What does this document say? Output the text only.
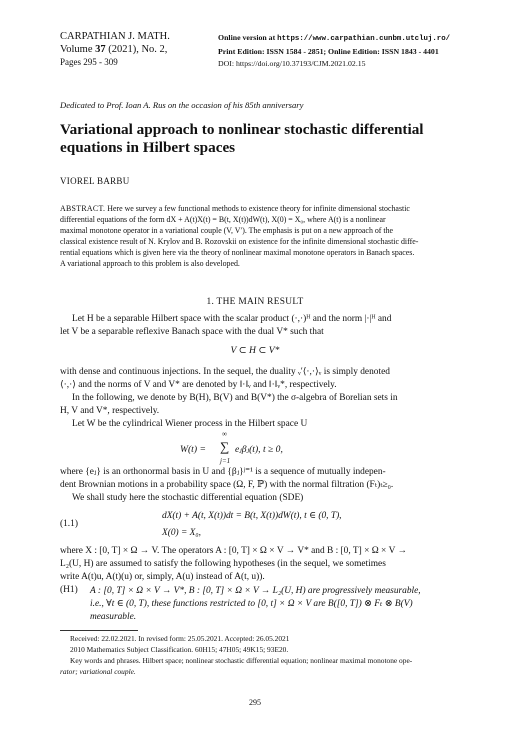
CARPATHIAN J. MATH.
Volume 37 (2021), No. 2,
Pages 295 - 309
Online version at https://www.carpathian.cunbm.utcluj.ro/
Print Edition: ISSN 1584 - 2851; Online Edition: ISSN 1843 - 4401
DOI: https://doi.org/10.37193/CJM.2021.02.15
Dedicated to Prof. Ioan A. Rus on the occasion of his 85th anniversary
Variational approach to nonlinear stochastic differential
equations in Hilbert spaces
VIOREL BARBU
ABSTRACT. Here we survey a few functional methods to existence theory for infinite dimensional stochastic
differential equations of the form dX + A(t)X(t) = B(t, X(t))dW(t), X(0) = X₀, where A(t) is a nonlinear
maximal monotone operator in a variational couple (V, V′). The emphasis is put on a new approach of the
classical existence result of N. Krylov and B. Rozovskii on existence for the infinite dimensional stochastic diffe-
rential equations which is given here via the theory of nonlinear maximal monotone operators in Banach spaces.
A variational approach to this problem is also developed.
1. THE MAIN RESULT
Let H be a separable Hilbert space with the scalar product (·,·)ᴴ and the norm |·|ᴴ and
let V be a separable reflexive Banach space with the dual V* such that
V ⊂ H ⊂ V*
with dense and continuous injections. In the sequel, the duality ᵥ′⟨·,·⟩ᵥ is simply denoted
⟨·,·⟩ and the norms of V and V* are denoted by ‖·‖ᵥ and ‖·‖ᵥ*, respectively.
In the following, we denote by B(H), B(V) and B(V*) the σ-algebra of Borelian sets in
H, V and V*, respectively.
Let W be the cylindrical Wiener process in the Hilbert space U
W(t) =
∞
∑
j=1
eⱼβⱼ(t), t ≥ 0,
where {eⱼ} is an orthonormal basis in U and {βⱼ}ʲ⁼¹ is a sequence of mutually indepen-
dent Brownian motions in a probability space (Ω, F, ℙ) with the normal filtration (Fₜ)ₜ≥₀.
We shall study here the stochastic differential equation (SDE)
(1.1)
dX(t) + A(t, X(t))dt = B(t, X(t))dW(t), t ∈ (0, T),
X(0) = X₀,
where X : [0, T] × Ω → V. The operators A : [0, T] × Ω × V → V* and B : [0, T] × Ω × V →
L₂(U, H) are assumed to satisfy the following hypotheses (in the sequel, we sometimes
write A(t)u, A(t)(u) or, simply, A(u) instead of A(t, u)).
(H1) A : [0, T] × Ω × V → V*, B : [0, T] × Ω × V → L₂(U, H) are progressively measurable,
i.e., ∀t ∈ (0, T), these functions restricted to [0, t] × Ω × V are B([0, T]) ⊗ Fₜ ⊗ B(V)
measurable.
Received: 22.02.2021. In revised form: 25.05.2021. Accepted: 26.05.2021
2010 Mathematics Subject Classification. 60H15; 47H05; 49K15; 93E20.
Key words and phrases. Hilbert space; nonlinear stochastic differential equation; nonlinear maximal monotone ope-
rator; variational couple.
295
